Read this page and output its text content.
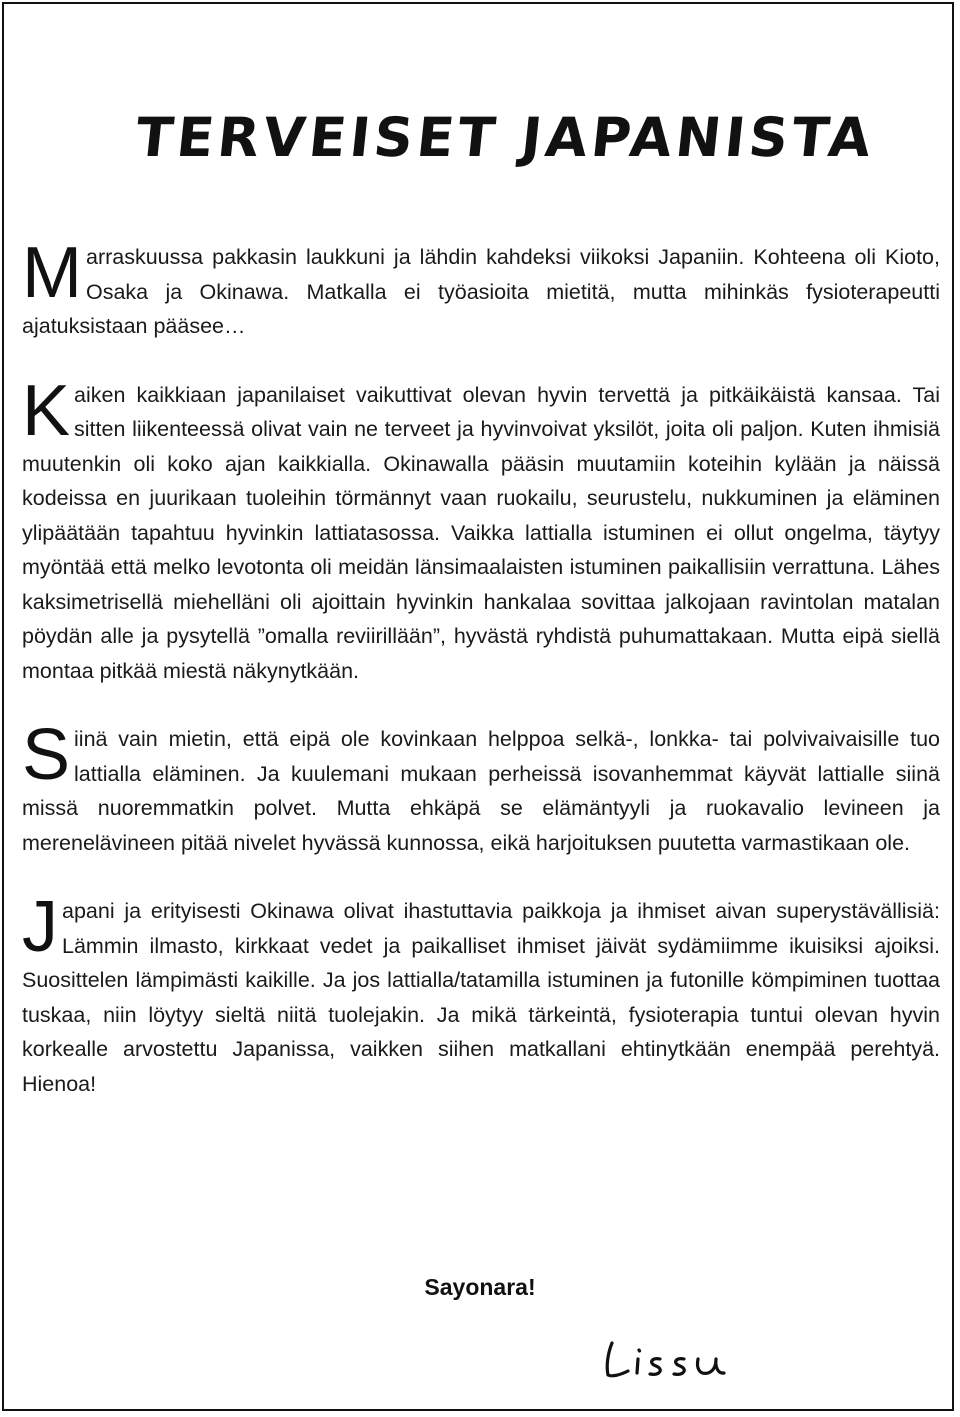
TERVEISET JAPANISTA

Marraskuussa pakkasin laukkuni ja lähdin kahdeksi viikoksi Japaniin. Kohteena oli Kioto, Osaka ja Okinawa. Matkalla ei työasioita mietitä, mutta mihinkäs fysioterapeutti ajatuksistaan pääsee…

Kaiken kaikkiaan japanilaiset vaikuttivat olevan hyvin tervettä ja pitkäikäistä kansaa. Tai sitten liikenteessä olivat vain ne terveet ja hyvinvoivat yksilöt, joita oli paljon. Kuten ihmisiä muutenkin oli koko ajan kaikkialla. Okinawalla pääsin muutamiin koteihin kylään ja näissä kodeissa en juurikaan tuoleihin törmännyt vaan ruokailu, seurustelu, nukkuminen ja eläminen ylipäätään tapahtuu hyvinkin lattiatasossa. Vaikka lattialla istuminen ei ollut ongelma, täytyy myöntää että melko levotonta oli meidän länsimaalaisten istuminen paikallisiin verrattuna. Lähes kaksimetrisellä miehelläni oli ajoittain hyvinkin hankalaa sovittaa jalkojaan ravintolan matalan pöydän alle ja pysytellä ”omalla reviirillään”, hyvästä ryhdistä puhumattakaan. Mutta eipä siellä montaa pitkää miestä näkynytkään.

Siinä vain mietin, että eipä ole kovinkaan helppoa selkä-, lonkka- tai polvivaivaisille tuo lattialla eläminen. Ja kuulemani mukaan perheissä isovanhemmat käyvät lattialle siinä missä nuoremmatkin polvet. Mutta ehkäpä se elämäntyyli ja ruokavalio levineen ja merenelävineen pitää nivelet hyvässä kunnossa, eikä harjoituksen puutetta varmastikaan ole.

Japani ja erityisesti Okinawa olivat ihastuttavia paikkoja ja ihmiset aivan superystävällisiä: Lämmin ilmasto, kirkkaat vedet ja paikalliset ihmiset jäivät sydämiimme ikuisiksi ajoiksi. Suosittelen lämpimästi kaikille. Ja jos lattialla/tatamilla istuminen ja futonille kömpiminen tuottaa tuskaa, niin löytyy sieltä niitä tuolejakin. Ja mikä tärkeintä, fysioterapia tuntui olevan hyvin korkealle arvostettu Japanissa, vaikken siihen matkallani ehtinytkään enempää perehtyä. Hienoa!

Sayonara!
